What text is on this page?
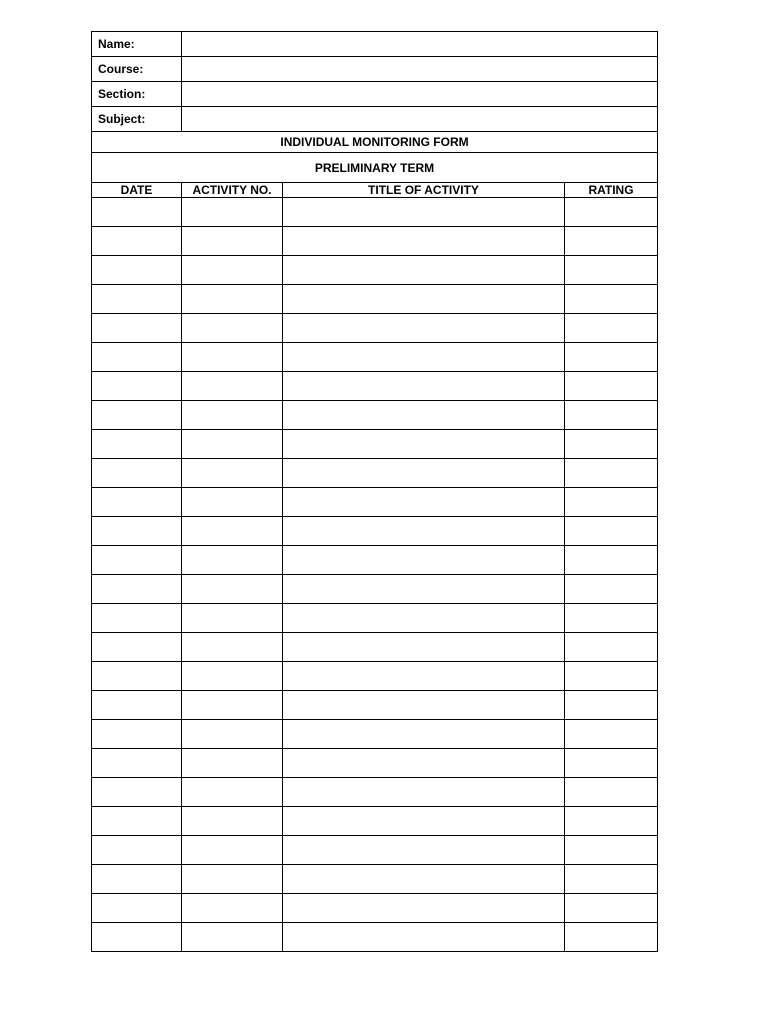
Name:			
Course:			
Section:			
Subject:			
INDIVIDUAL MONITORING FORM			
PRELIMINARY TERM			
DATE	ACTIVITY NO.	TITLE OF ACTIVITY	RATING
